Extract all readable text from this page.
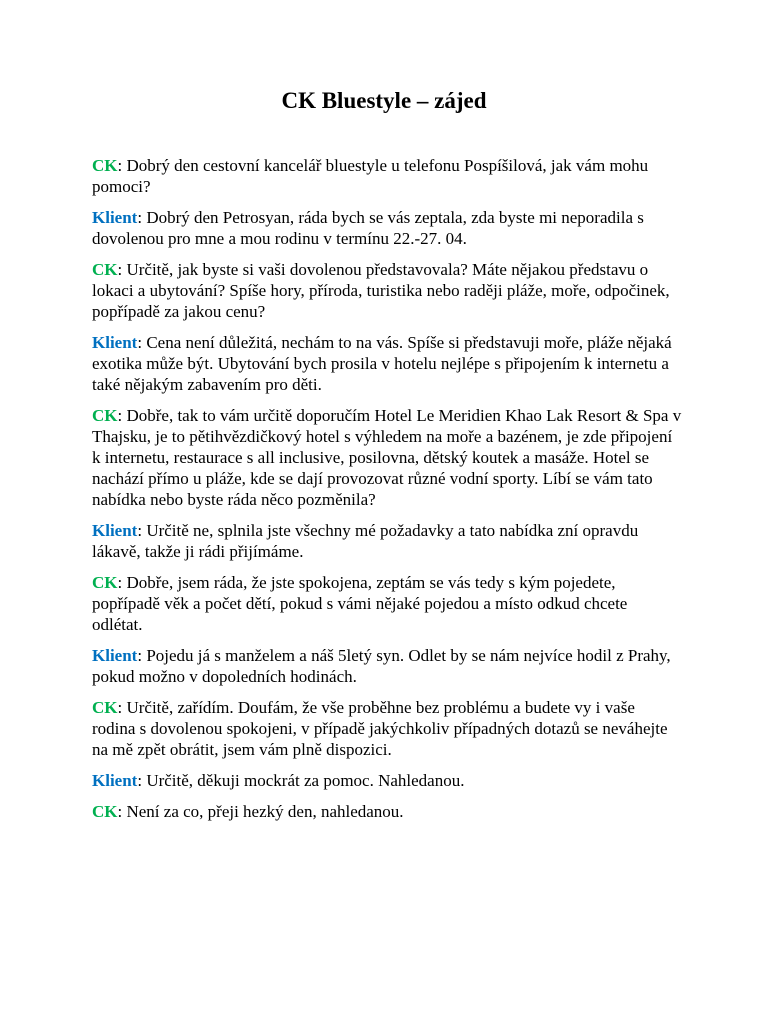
CK Bluestyle – zájed

CK: Dobrý den cestovní kancelář bluestyle u telefonu Pospíšilová, jak vám mohu pomoci?

Klient: Dobrý den Petrosyan, ráda bych se vás zeptala, zda byste mi neporadila s dovolenou pro mne a mou rodinu v termínu 22.-27. 04.

CK: Určitě, jak byste si vaši dovolenou představovala? Máte nějakou představu o lokaci a ubytování? Spíše hory, příroda, turistika nebo raději pláže, moře, odpočinek, popřípadě za jakou cenu?

Klient: Cena není důležitá, nechám to na vás. Spíše si představuji moře, pláže nějaká exotika může být. Ubytování bych prosila v hotelu nejlépe s připojením k internetu a také nějakým zabavením pro děti.

CK: Dobře, tak to vám určitě doporučím Hotel Le Meridien Khao Lak Resort & Spa v Thajsku, je to pětihvězdičkový hotel s výhledem na moře a bazénem, je zde připojení k internetu, restaurace s all inclusive, posilovna, dětský koutek a masáže. Hotel se nachází přímo u pláže, kde se dají provozovat různé vodní sporty. Líbí se vám tato nabídka nebo byste ráda něco pozměnila?

Klient: Určitě ne, splnila jste všechny mé požadavky a tato nabídka zní opravdu lákavě, takže ji rádi přijímáme.

CK: Dobře, jsem ráda, že jste spokojena, zeptám se vás tedy s kým pojedete, popřípadě věk a počet dětí, pokud s vámi nějaké pojedou a místo odkud chcete odlétat.

Klient: Pojedu já s manželem a náš 5letý syn. Odlet by se nám nejvíce hodil z Prahy, pokud možno v dopoledních hodinách.

CK: Určitě, zařídím. Doufám, že vše proběhne bez problému a budete vy i vaše rodina s dovolenou spokojeni, v případě jakýchkoliv případných dotazů se neváhejte na mě zpět obrátit, jsem vám plně dispozici.

Klient: Určitě, děkuji mockrát za pomoc. Nahledanou.

CK: Není za co, přeji hezký den, nahledanou.
